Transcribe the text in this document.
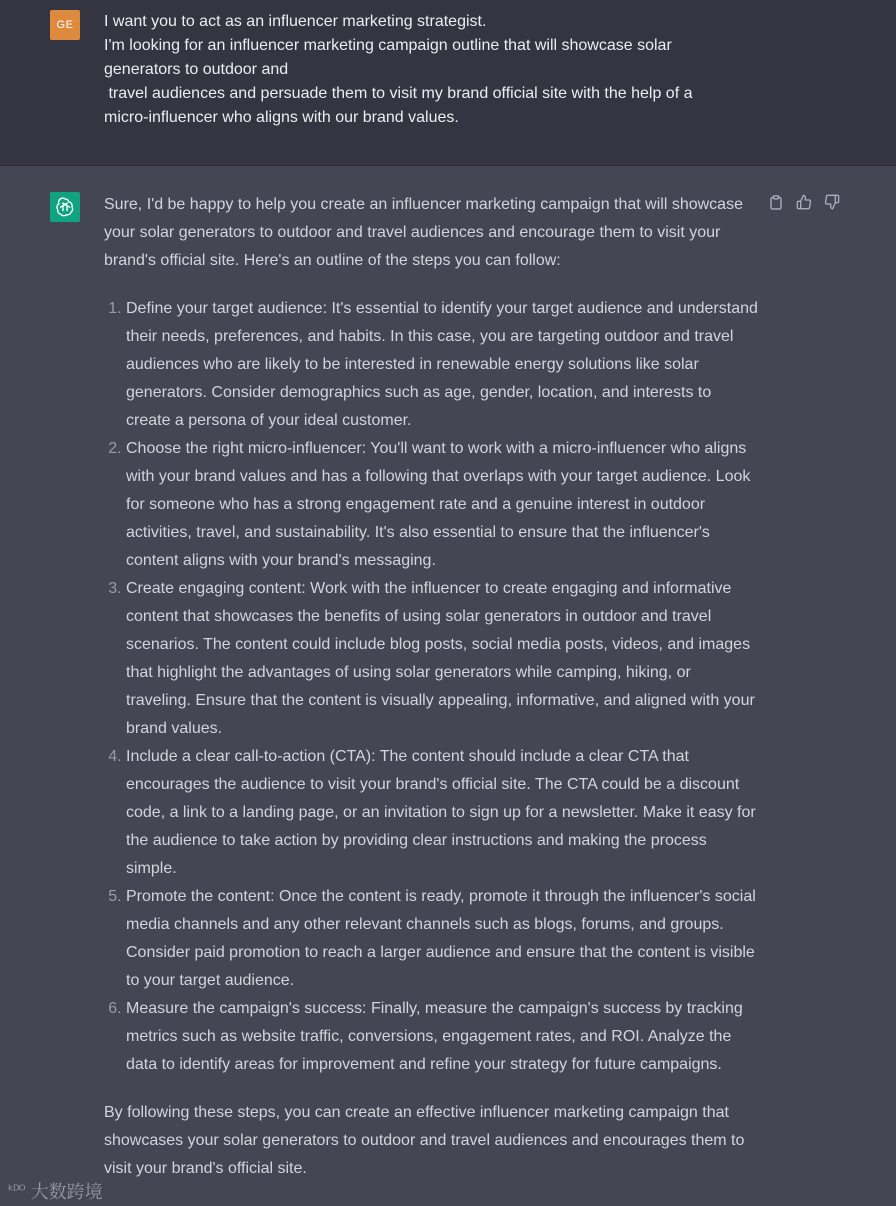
GE	I want you to act as an influencer marketing strategist.
I'm looking for an influencer marketing campaign outline that will showcase solar
generators to outdoor and
travel audiences and persuade them to visit my brand official site with the help of a
micro-influencer who aligns with our brand values.

Sure, I'd be happy to help you create an influencer marketing campaign that will showcase your solar generators to outdoor and travel audiences and encourage them to visit your brand's official site. Here's an outline of the steps you can follow:

1. Define your target audience: It's essential to identify your target audience and understand their needs, preferences, and habits. In this case, you are targeting outdoor and travel audiences who are likely to be interested in renewable energy solutions like solar generators. Consider demographics such as age, gender, location, and interests to create a persona of your ideal customer.
2. Choose the right micro-influencer: You'll want to work with a micro-influencer who aligns with your brand values and has a following that overlaps with your target audience. Look for someone who has a strong engagement rate and a genuine interest in outdoor activities, travel, and sustainability. It's also essential to ensure that the influencer's content aligns with your brand's messaging.
3. Create engaging content: Work with the influencer to create engaging and informative content that showcases the benefits of using solar generators in outdoor and travel scenarios. The content could include blog posts, social media posts, videos, and images that highlight the advantages of using solar generators while camping, hiking, or traveling. Ensure that the content is visually appealing, informative, and aligned with your brand values.
4. Include a clear call-to-action (CTA): The content should include a clear CTA that encourages the audience to visit your brand's official site. The CTA could be a discount code, a link to a landing page, or an invitation to sign up for a newsletter. Make it easy for the audience to take action by providing clear instructions and making the process simple.
5. Promote the content: Once the content is ready, promote it through the influencer's social media channels and any other relevant channels such as blogs, forums, and groups. Consider paid promotion to reach a larger audience and ensure that the content is visible to your target audience.
6. Measure the campaign's success: Finally, measure the campaign's success by tracking metrics such as website traffic, conversions, engagement rates, and ROI. Analyze the data to identify areas for improvement and refine your strategy for future campaigns.

By following these steps, you can create an effective influencer marketing campaign that showcases your solar generators to outdoor and travel audiences and encourages them to visit your brand's official site.

ᵏᴰᴼ 大数跨境
